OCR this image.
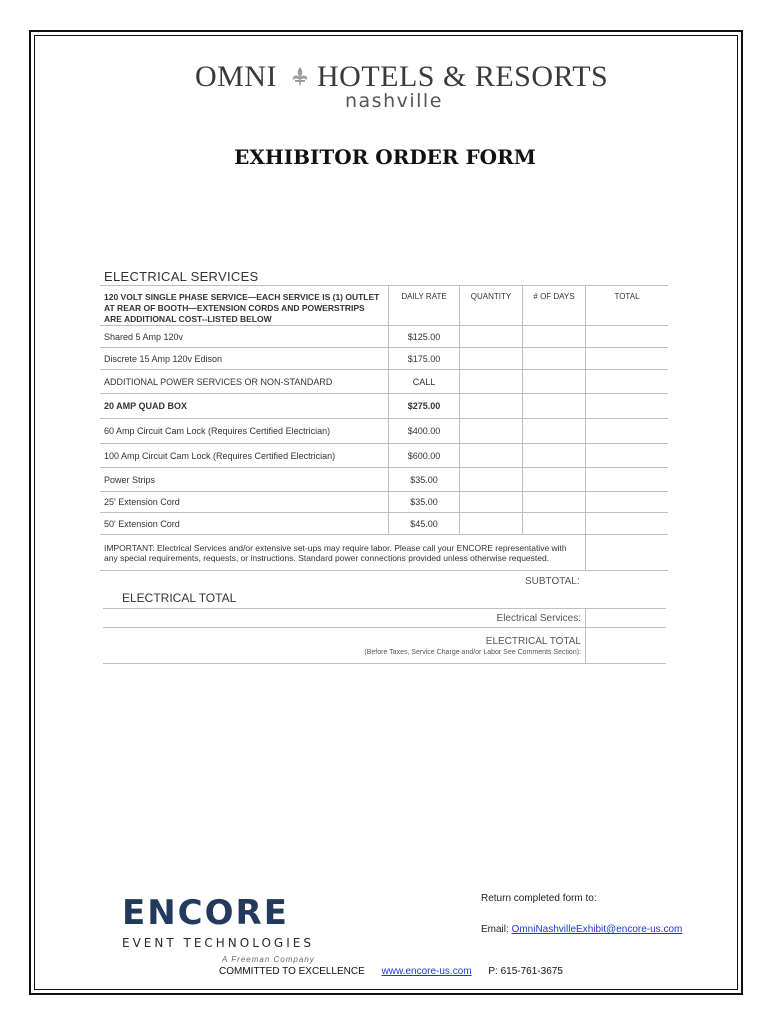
OMNI HOTELS & RESORTS
nashville
EXHIBITOR ORDER FORM
ELECTRICAL SERVICES
120 VOLT SINGLE PHASE SERVICE—EACH SERVICE IS (1) OUTLET AT REAR OF BOOTH—EXTENSION CORDS AND POWERSTRIPS ARE ADDITIONAL COST--LISTED BELOW	DAILY RATE	QUANTITY	# OF DAYS	TOTAL
Shared 5 Amp 120v	$125.00			
Discrete 15 Amp 120v Edison	$175.00			
ADDITIONAL POWER SERVICES OR NON-STANDARD	CALL			
20 AMP QUAD BOX	$275.00			
60 Amp Circuit Cam Lock (Requires Certified Electrician)	$400.00			
100 Amp Circuit Cam Lock (Requires Certified Electrician)	$600.00			
Power Strips	$35.00			
25' Extension Cord	$35.00			
50' Extension Cord	$45.00			
IMPORTANT: Electrical Services and/or extensive set-ups may require labor. Please call your ENCORE representative with any special requirements, requests, or instructions. Standard power connections provided unless otherwise requested.				
SUBTOTAL:
ELECTRICAL TOTAL
Electrical Services:	
ELECTRICAL TOTAL
(Before Taxes, Service Charge and/or Labor See Comments Section):	

Return completed form to:
Email: OmniNashvilleExhibit@encore-us.com
ENCORE
EVENT TECHNOLOGIES
A Freeman Company
COMMITTED TO EXCELLENCE www.encore-us.com P: 615-761-3675
